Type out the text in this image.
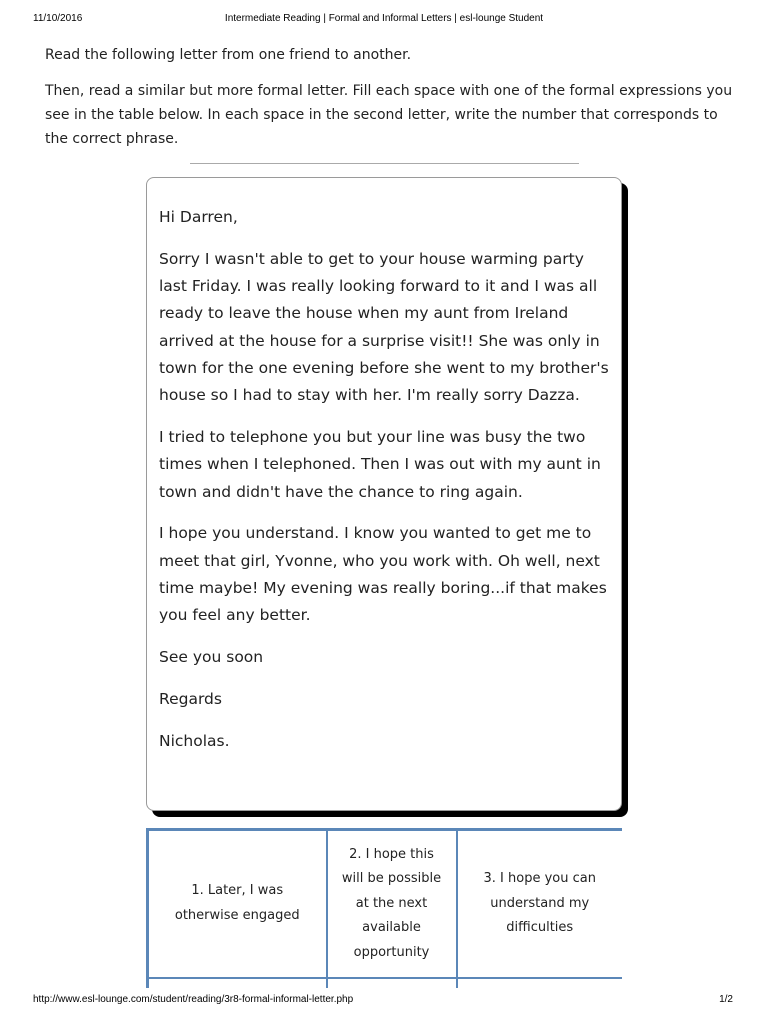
11/10/2016	Intermediate Reading | Formal and Informal Letters | esl-lounge Student

Read the following letter from one friend to another.

Then, read a similar but more formal letter. Fill each space with one of the formal expressions you see in the table below. In each space in the second letter, write the number that corresponds to the correct phrase.

Hi Darren,

Sorry I wasn't able to get to your house warming party last Friday. I was really looking forward to it and I was all ready to leave the house when my aunt from Ireland arrived at the house for a surprise visit!! She was only in town for the one evening before she went to my brother's house so I had to stay with her. I'm really sorry Dazza.

I tried to telephone you but your line was busy the two times when I telephoned. Then I was out with my aunt in town and didn't have the chance to ring again.

I hope you understand. I know you wanted to get me to meet that girl, Yvonne, who you work with. Oh well, next time maybe! My evening was really boring...if that makes you feel any better.

See you soon

Regards

Nicholas.

1. Later, I was otherwise engaged	2. I hope this will be possible at the next available opportunity	3. I hope you can understand my difficulties

http://www.esl-lounge.com/student/reading/3r8-formal-informal-letter.php	1/2
